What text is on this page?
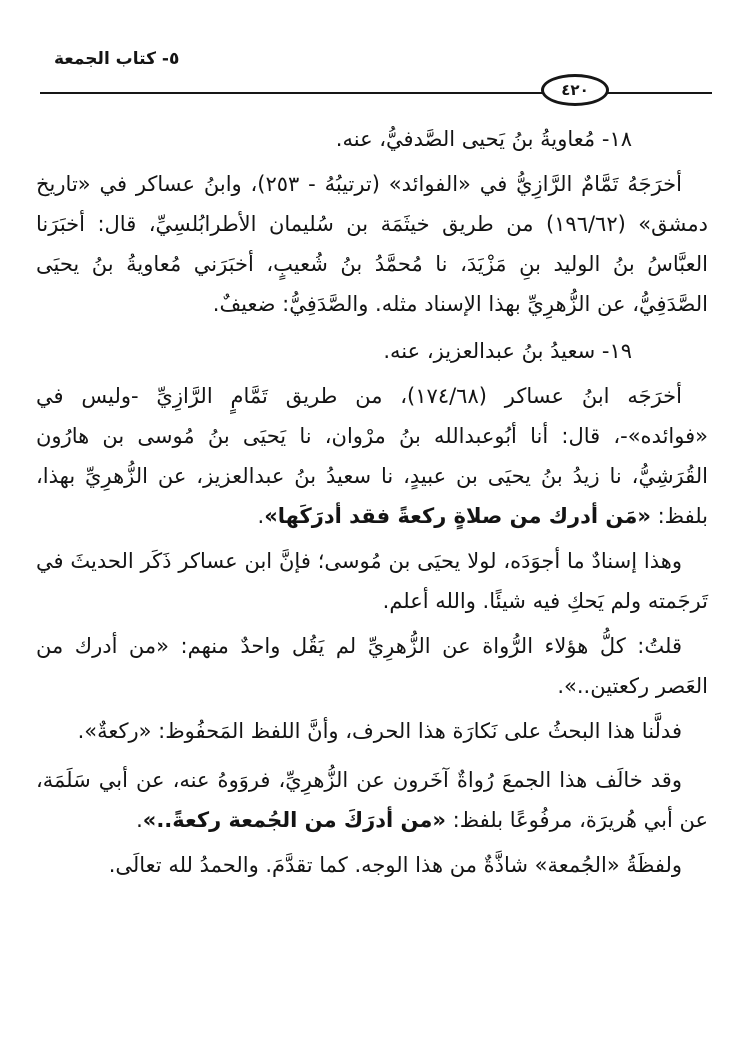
٥- كتاب الجمعة
٤٢٠

١٨- مُعاويةُ بنُ يَحيى الصَّدفيُّ، عنه.

أخرَجَهُ تَمَّامٌ الرَّازِيُّ في «الفوائد» (ترتيبُهُ - ٢٥٣)، وابنُ عساكر في «تاريخ دمشق» (١٩٦/٦٢) من طريق خيثَمَة بن سُليمان الأطرابُلسِيِّ، قال: أخبَرَنا العبَّاسُ بنُ الوليد بنِ مَزْيَدَ، نا مُحمَّدُ بنُ شُعيبٍ، أخبَرَني مُعاويةُ بنُ يحيَى الصَّدَفِيُّ، عن الزُّهرِيِّ بهذا الإسناد مثله. والصَّدَفِيُّ: ضعيفٌ.

١٩- سعيدُ بنُ عبدالعزيز، عنه.

أخرَجَه ابنُ عساكر (١٧٤/٦٨)، من طريق تَمَّامٍ الرَّازِيِّ -وليس في «فوائده»-، قال: أنا أبُوعبدالله بنُ مرْوان، نا يَحيَى بنُ مُوسى بن هارُون القُرَشِيُّ، نا زيدُ بنُ يحيَى بن عبيدٍ، نا سعيدُ بنُ عبدالعزيز، عن الزُّهرِيِّ بهذا، بلفظ: «مَن أدرك من صلاةٍ ركعةً فقد أدرَكَها».

وهذا إسنادٌ ما أجوَدَه، لولا يحيَى بن مُوسى؛ فإنَّ ابن عساكر ذَكَر الحديثَ في تَرجَمته ولم يَحكِ فيه شيئًا. والله أعلم.

قلتُ: كلُّ هؤلاء الرُّواة عن الزُّهرِيِّ لم يَقُل واحدٌ منهم: «من أدرك من العَصر ركعتين..».

فدلَّنا هذا البحثُ على نَكارَة هذا الحرف، وأنَّ اللفظ المَحفُوظ: «ركعةٌ».

وقد خالَف هذا الجمعَ رُواةٌ آخَرون عن الزُّهرِيِّ، فروَوهُ عنه، عن أبي سَلَمَة، عن أبي هُريرَة، مرفُوعًا بلفظ: «من أدرَكَ من الجُمعة ركعةً..».

ولفظَةُ «الجُمعة» شاذَّةٌ من هذا الوجه. كما تقدَّمَ. والحمدُ لله تعالَى.
